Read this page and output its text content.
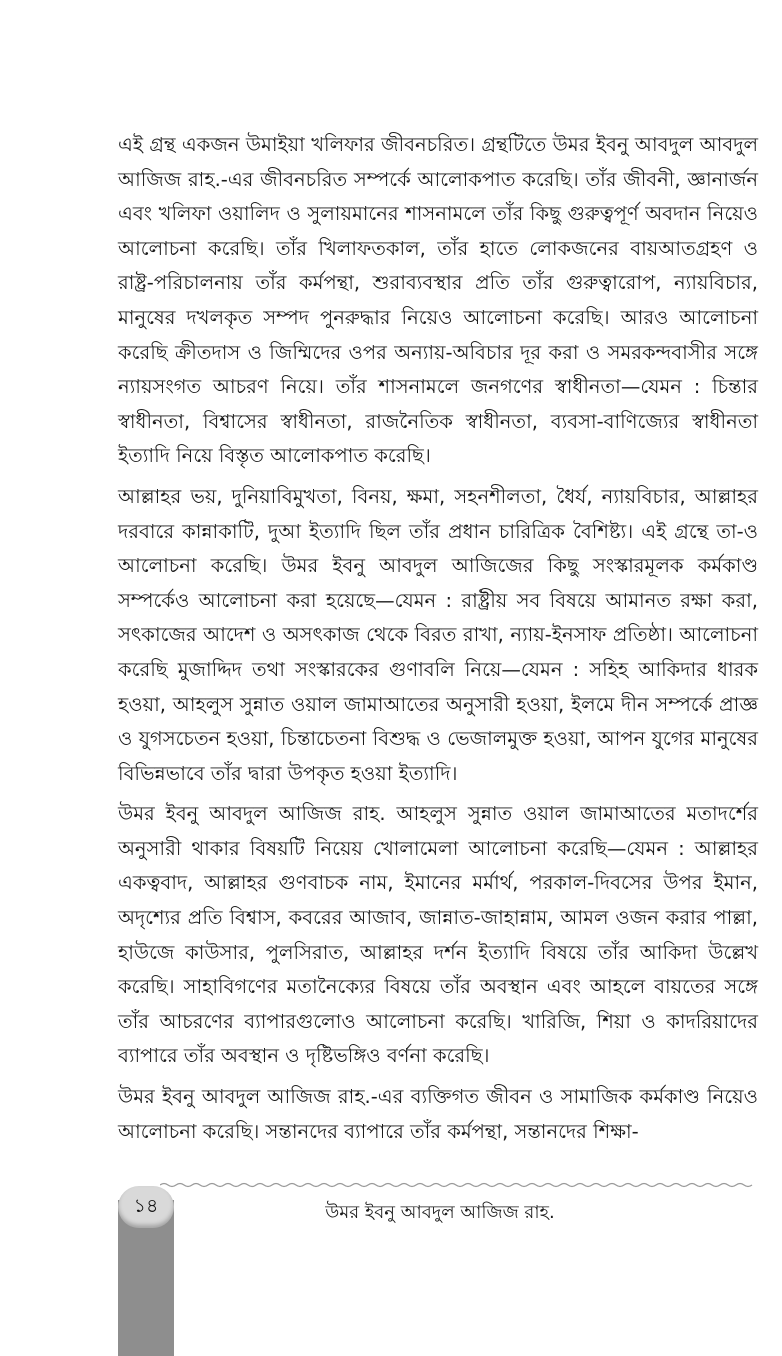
এই গ্রন্থ একজন উমাইয়া খলিফার জীবনচরিত। গ্রন্থটিতে উমর ইবনু আবদুল আবদুল আজিজ রাহ.-এর জীবনচরিত সম্পর্কে আলোকপাত করেছি। তাঁর জীবনী, জ্ঞানার্জন এবং খলিফা ওয়ালিদ ও সুলায়মানের শাসনামলে তাঁর কিছু গুরুত্বপূর্ণ অবদান নিয়েও আলোচনা করেছি। তাঁর খিলাফতকাল, তাঁর হাতে লোকজনের বায়আতগ্রহণ ও রাষ্ট্র-পরিচালনায় তাঁর কর্মপন্থা, শুরাব্যবস্থার প্রতি তাঁর গুরুত্বারোপ, ন্যায়বিচার, মানুষের দখলকৃত সম্পদ পুনরুদ্ধার নিয়েও আলোচনা করেছি। আরও আলোচনা করেছি ক্রীতদাস ও জিম্মিদের ওপর অন্যায়-অবিচার দূর করা ও সমরকন্দবাসীর সঙ্গে ন্যায়সংগত আচরণ নিয়ে। তাঁর শাসনামলে জনগণের স্বাধীনতা—যেমন : চিন্তার স্বাধীনতা, বিশ্বাসের স্বাধীনতা, রাজনৈতিক স্বাধীনতা, ব্যবসা-বাণিজ্যের স্বাধীনতা ইত্যাদি নিয়ে বিস্তৃত আলোকপাত করেছি।

আল্লাহর ভয়, দুনিয়াবিমুখতা, বিনয়, ক্ষমা, সহনশীলতা, ধৈর্য, ন্যায়বিচার, আল্লাহর দরবারে কান্নাকাটি, দুআ ইত্যাদি ছিল তাঁর প্রধান চারিত্রিক বৈশিষ্ট্য। এই গ্রন্থে তা-ও আলোচনা করেছি। উমর ইবনু আবদুল আজিজের কিছু সংস্কারমূলক কর্মকাণ্ড সম্পর্কেও আলোচনা করা হয়েছে—যেমন : রাষ্ট্রীয় সব বিষয়ে আমানত রক্ষা করা, সৎকাজের আদেশ ও অসৎকাজ থেকে বিরত রাখা, ন্যায়-ইনসাফ প্রতিষ্ঠা। আলোচনা করেছি মুজাদ্দিদ তথা সংস্কারকের গুণাবলি নিয়ে—যেমন : সহিহ আকিদার ধারক হওয়া, আহলুস সুন্নাত ওয়াল জামাআতের অনুসারী হওয়া, ইলমে দীন সম্পর্কে প্রাজ্ঞ ও যুগসচেতন হওয়া, চিন্তাচেতনা বিশুদ্ধ ও ভেজালমুক্ত হওয়া, আপন যুগের মানুষের বিভিন্নভাবে তাঁর দ্বারা উপকৃত হওয়া ইত্যাদি।

উমর ইবনু আবদুল আজিজ রাহ. আহলুস সুন্নাত ওয়াল জামাআতের মতাদর্শের অনুসারী থাকার বিষয়টি নিয়েয় খোলামেলা আলোচনা করেছি—যেমন : আল্লাহর একত্ববাদ, আল্লাহর গুণবাচক নাম, ইমানের মর্মার্থ, পরকাল-দিবসের উপর ইমান, অদৃশ্যের প্রতি বিশ্বাস, কবরের আজাব, জান্নাত-জাহান্নাম, আমল ওজন করার পাল্লা, হাউজে কাউসার, পুলসিরাত, আল্লাহর দর্শন ইত্যাদি বিষয়ে তাঁর আকিদা উল্লেখ করেছি। সাহাবিগণের মতানৈক্যের বিষয়ে তাঁর অবস্থান এবং আহলে বায়তের সঙ্গে তাঁর আচরণের ব্যাপারগুলোও আলোচনা করেছি। খারিজি, শিয়া ও কাদরিয়াদের ব্যাপারে তাঁর অবস্থান ও দৃষ্টিভঙ্গিও বর্ণনা করেছি।

উমর ইবনু আবদুল আজিজ রাহ.-এর ব্যক্তিগত জীবন ও সামাজিক কর্মকাণ্ড নিয়েও আলোচনা করেছি। সন্তানদের ব্যাপারে তাঁর কর্মপন্থা, সন্তানদের শিক্ষা-

১৪	উমর ইবনু আবদুল আজিজ রাহ.
